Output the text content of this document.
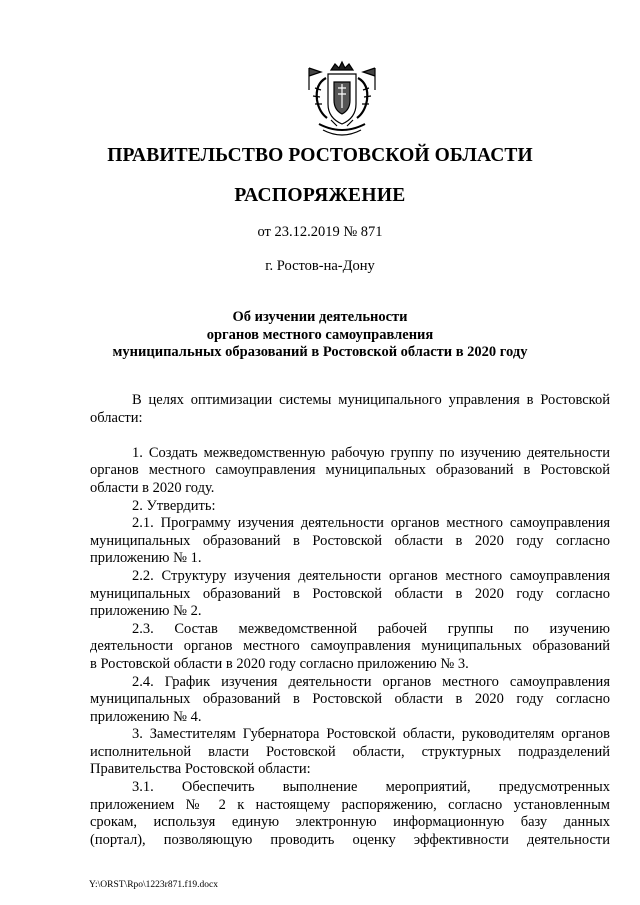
ПРАВИТЕЛЬСТВО РОСТОВСКОЙ ОБЛАСТИ
РАСПОРЯЖЕНИЕ
от 23.12.2019 № 871
г. Ростов-на-Дону
Об изучении деятельности
органов местного самоуправления
муниципальных образований в Ростовской области в 2020 году
В целях оптимизации системы муниципального управления в Ростовской
области:
1. Создать межведомственную рабочую группу по изучению деятельности
органов местного самоуправления муниципальных образований в Ростовской
области в 2020 году.
2. Утвердить:
2.1. Программу изучения деятельности органов местного самоуправления
муниципальных образований в Ростовской области в 2020 году согласно
приложению № 1.
2.2. Структуру изучения деятельности органов местного самоуправления
муниципальных образований в Ростовской области в 2020 году согласно
приложению № 2.
2.3. Состав межведомственной рабочей группы по изучению
деятельности органов местного самоуправления муниципальных образований
в Ростовской области в 2020 году согласно приложению № 3.
2.4. График изучения деятельности органов местного самоуправления
муниципальных образований в Ростовской области в 2020 году согласно
приложению № 4.
3. Заместителям Губернатора Ростовской области, руководителям органов
исполнительной власти Ростовской области, структурных подразделений
Правительства Ростовской области:
3.1. Обеспечить выполнение мероприятий, предусмотренных
приложением № 2 к настоящему распоряжению, согласно установленным
срокам, используя единую электронную информационную базу данных
(портал), позволяющую проводить оценку эффективности деятельности
Y:\ORST\Rpo\1223r871.f19.docx
